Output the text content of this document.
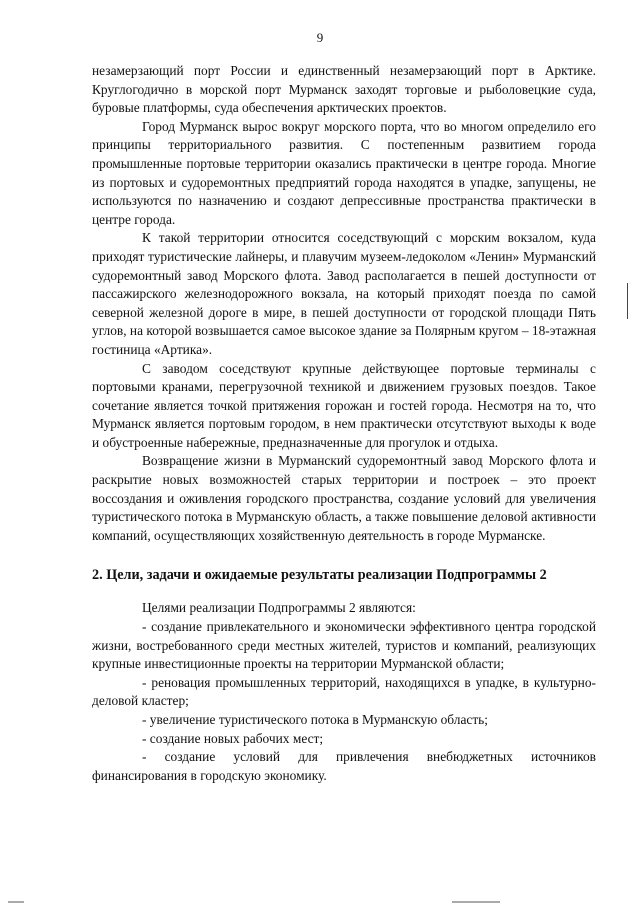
9

незамерзающий порт России и единственный незамерзающий порт в Арктике. Круглогодично в морской порт Мурманск заходят торговые и рыболовецкие суда, буровые платформы, суда обеспечения арктических проектов.

Город Мурманск вырос вокруг морского порта, что во многом определило его принципы территориального развития. С постепенным развитием города промышленные портовые территории оказались практически в центре города. Многие из портовых и судоремонтных предприятий города находятся в упадке, запущены, не используются по назначению и создают депрессивные пространства практически в центре города.

К такой территории относится соседствующий с морским вокзалом, куда приходят туристические лайнеры, и плавучим музеем-ледоколом «Ленин» Мурманский судоремонтный завод Морского флота. Завод располагается в пешей доступности от пассажирского железнодорожного вокзала, на который приходят поезда по самой северной железной дороге в мире, в пешей доступности от городской площади Пять углов, на которой возвышается самое высокое здание за Полярным кругом – 18-этажная гостиница «Артика».

С заводом соседствуют крупные действующее портовые терминалы с портовыми кранами, перегрузочной техникой и движением грузовых поездов. Такое сочетание является точкой притяжения горожан и гостей города. Несмотря на то, что Мурманск является портовым городом, в нем практически отсутствуют выходы к воде и обустроенные набережные, предназначенные для прогулок и отдыха.

Возвращение жизни в Мурманский судоремонтный завод Морского флота и раскрытие новых возможностей старых территории и построек – это проект воссоздания и оживления городского пространства, создание условий для увеличения туристического потока в Мурманскую область, а также повышение деловой активности компаний, осуществляющих хозяйственную деятельность в городе Мурманске.

2. Цели, задачи и ожидаемые результаты реализации Подпрограммы 2

Целями реализации Подпрограммы 2 являются:

- создание привлекательного и экономически эффективного центра городской жизни, востребованного среди местных жителей, туристов и компаний, реализующих крупные инвестиционные проекты на территории Мурманской области;

- реновация промышленных территорий, находящихся в упадке, в культурно-деловой кластер;

- увеличение туристического потока в Мурманскую область;

- создание новых рабочих мест;

- создание условий для привлечения внебюджетных источников финансирования в городскую экономику.
